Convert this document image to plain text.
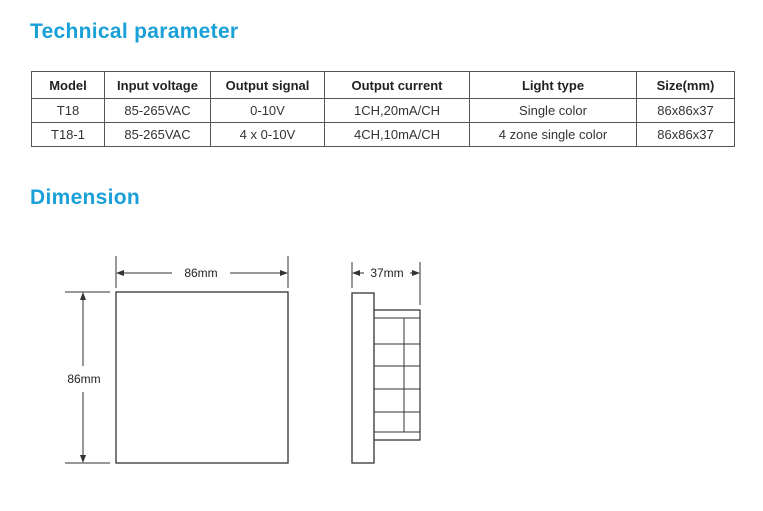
Technical parameter
Model	Input voltage	Output signal	Output current	Light type	Size(mm)
T18	85-265VAC	0-10V	1CH,20mA/CH	Single color	86x86x37
T18-1	85-265VAC	4 x 0-10V	4CH,10mA/CH	4 zone single color	86x86x37
Dimension
86mm
86mm
37mm
